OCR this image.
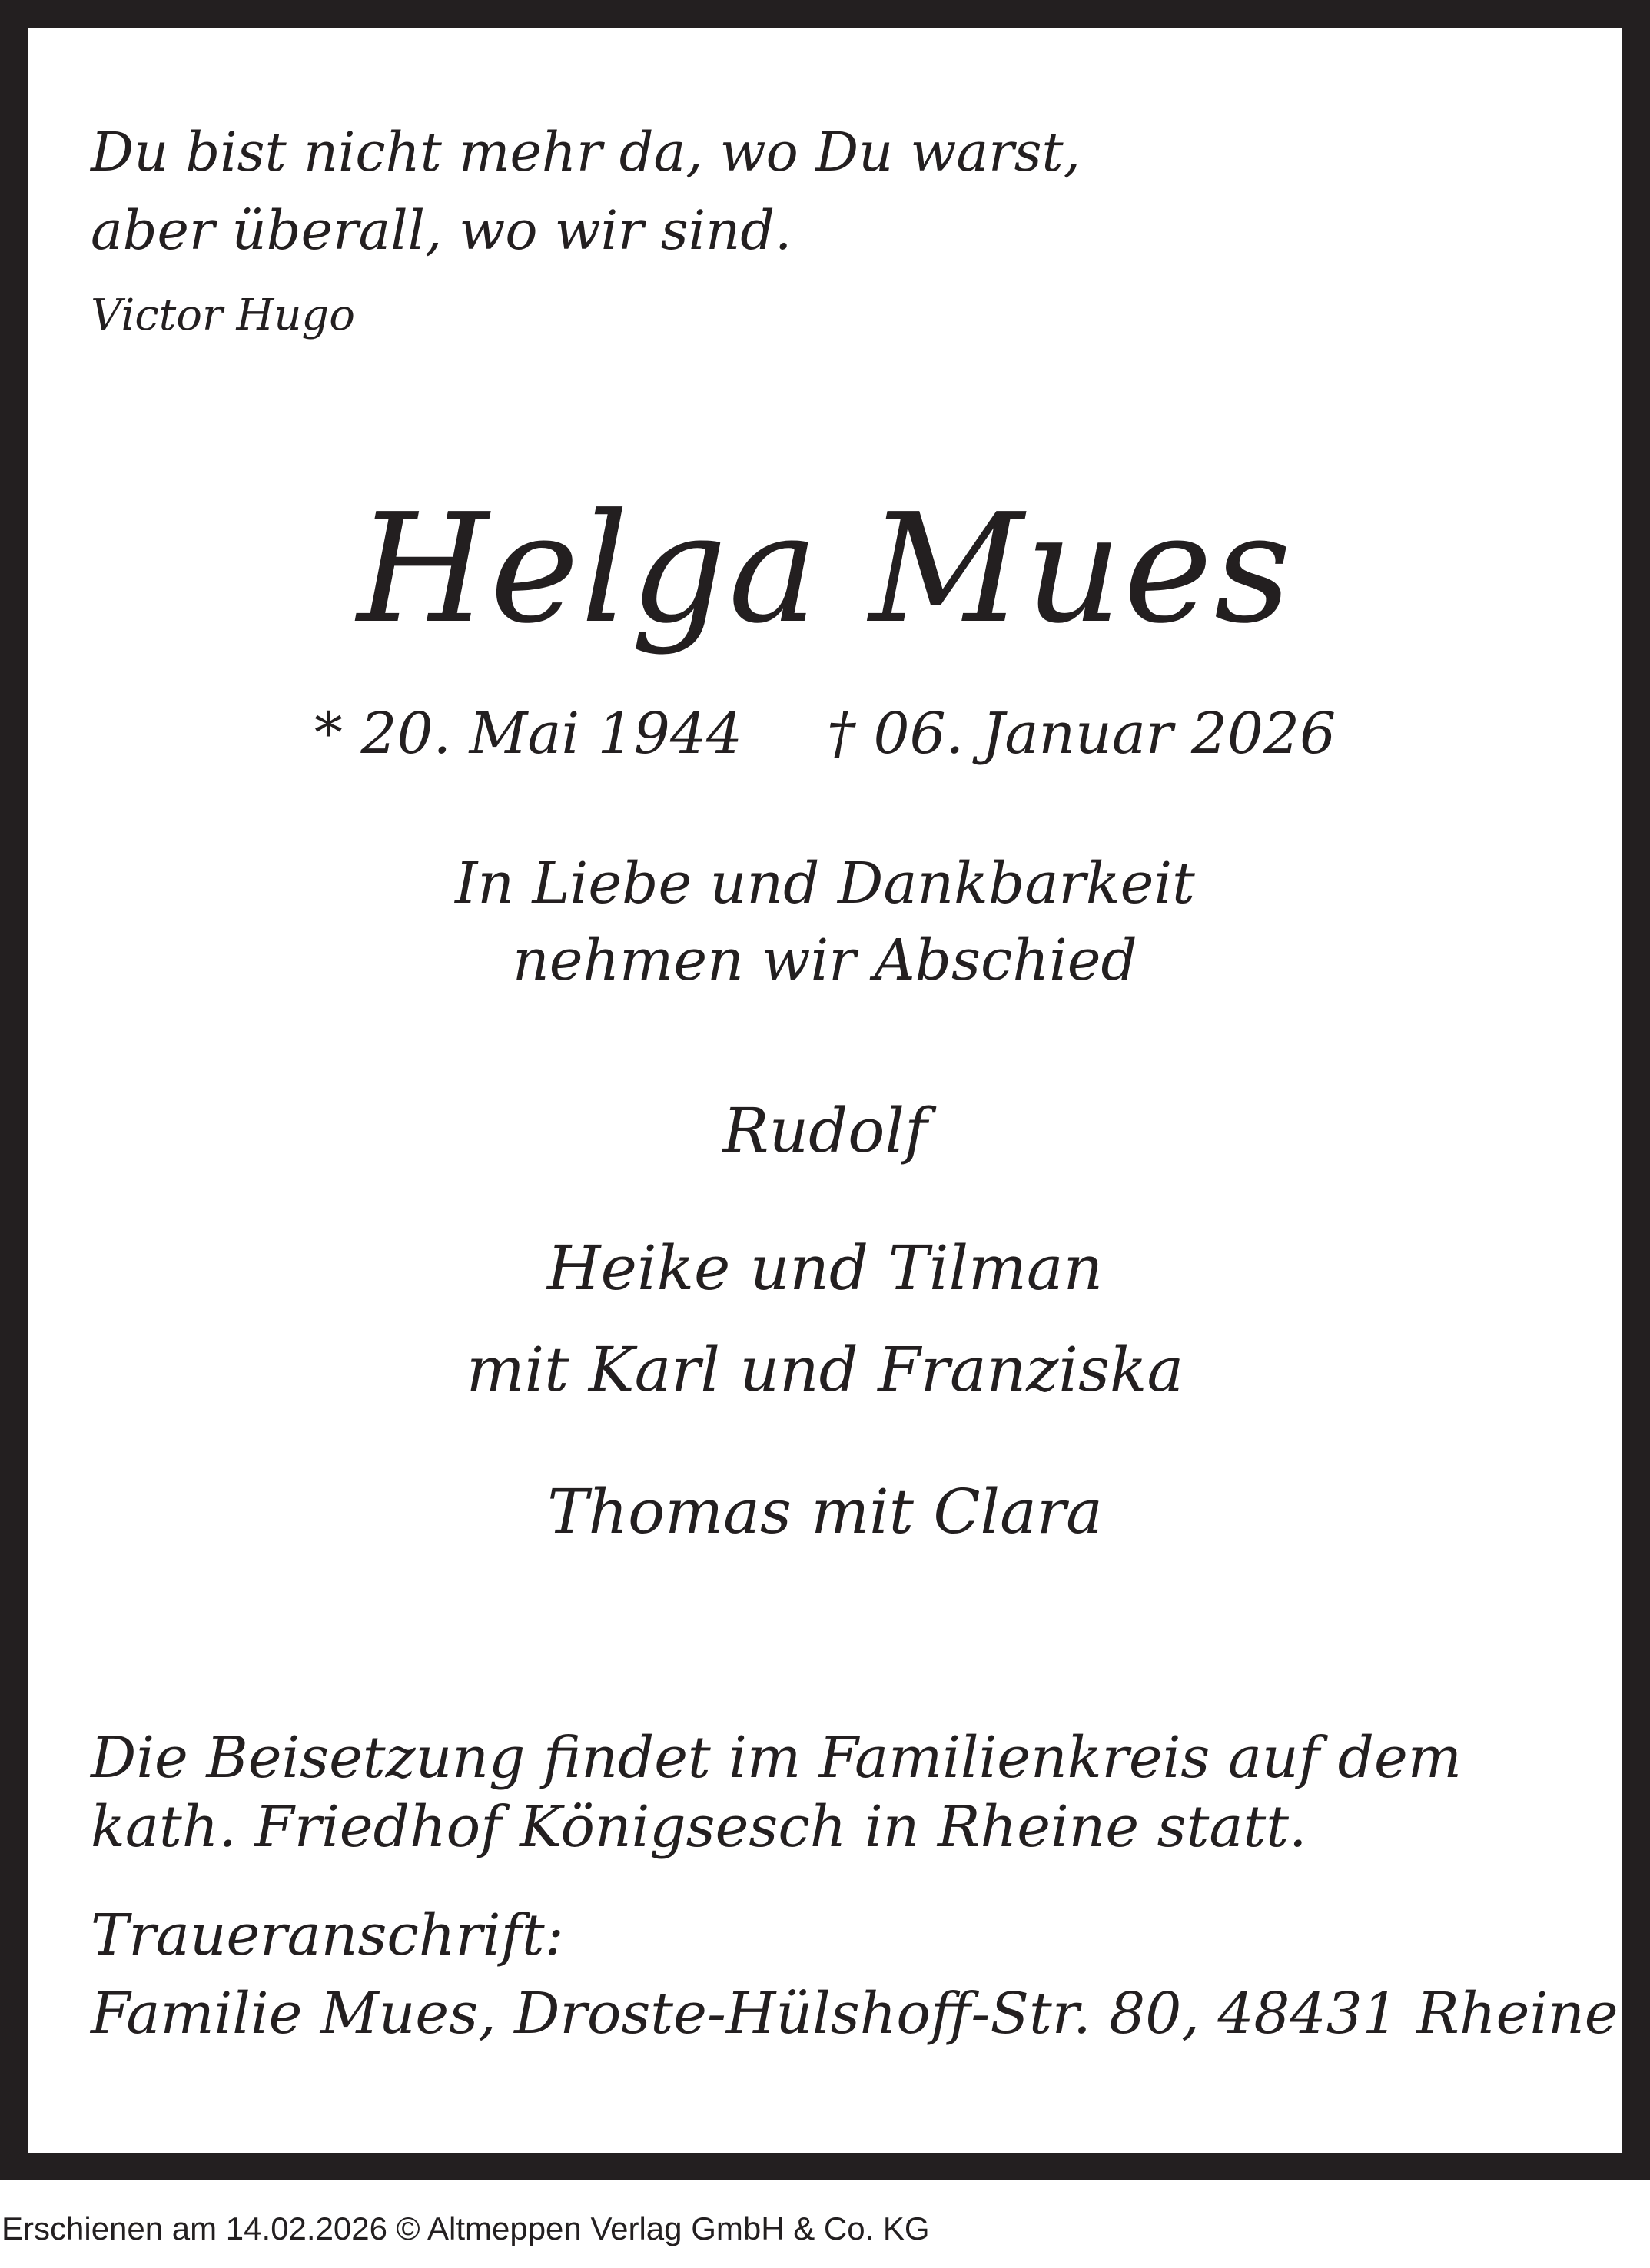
Du bist nicht mehr da, wo Du warst,
aber überall, wo wir sind.
Victor Hugo
Helga Mues
* 20. Mai 1944 † 06. Januar 2026
In Liebe und Dankbarkeit
nehmen wir Abschied
Rudolf
Heike und Tilman
mit Karl und Franziska
Thomas mit Clara
Die Beisetzung findet im Familienkreis auf dem
kath. Friedhof Königsesch in Rheine statt.
Traueranschrift:
Familie Mues, Droste-Hülshoff-Str. 80, 48431 Rheine
Erschienen am 14.02.2026 © Altmeppen Verlag GmbH & Co. KG
